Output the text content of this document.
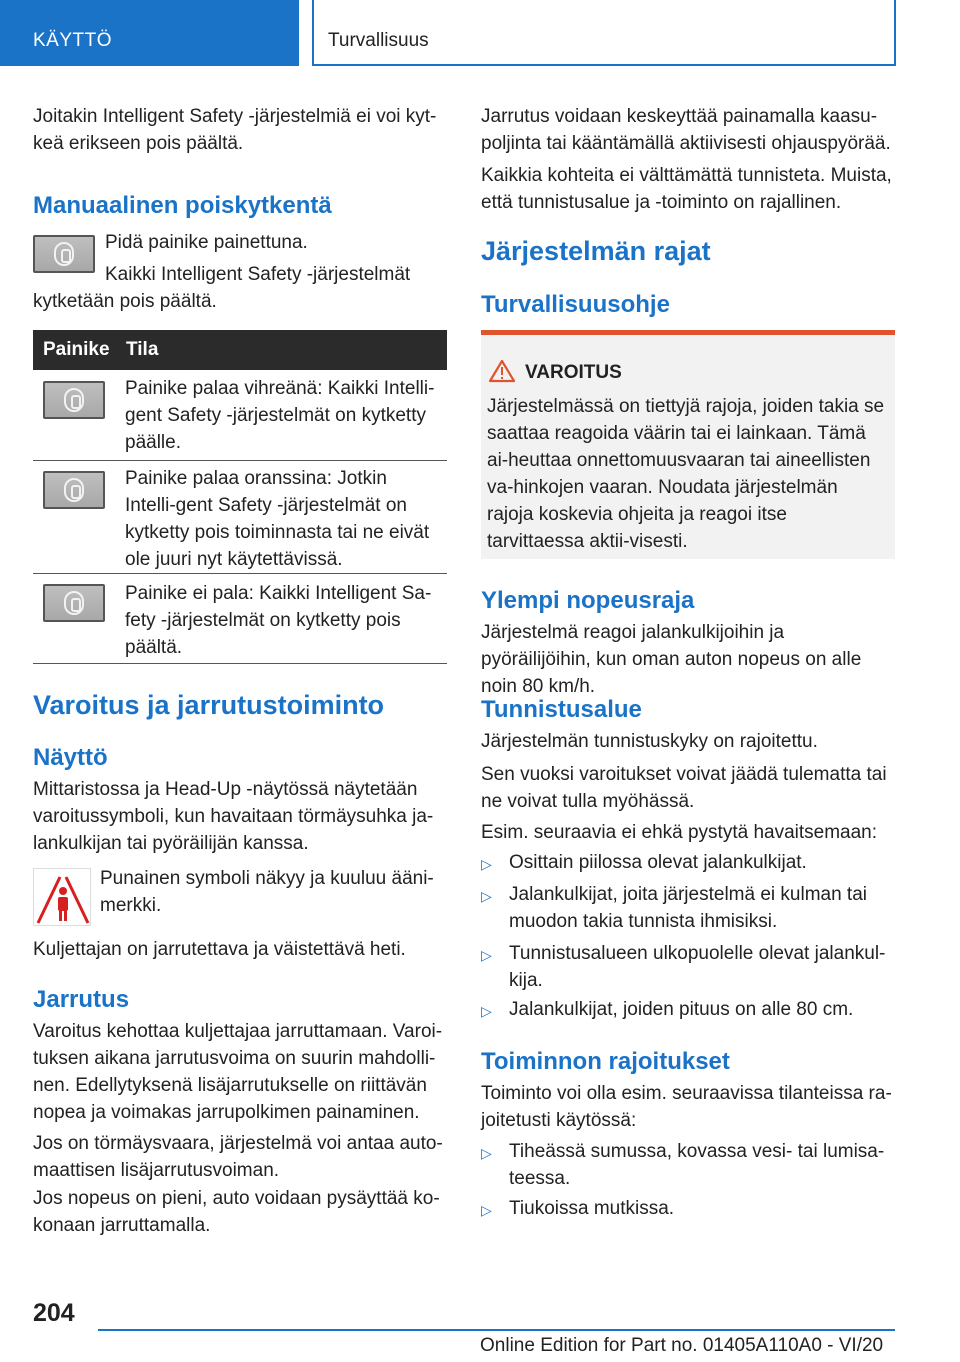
KÄYTTÖ	Turvallisuus
Joitakin Intelligent Safety -järjestelmiä ei voi kyt-keä erikseen pois päältä.
Manuaalinen poiskytkentä
Pidä painike painettuna.
Kaikki Intelligent Safety -järjestelmät
kytketään pois päältä.
Painike Tila
Painike palaa vihreänä: Kaikki Intelli-gent Safety -järjestelmät on kytketty päälle.
Painike palaa oranssina: Jotkin Intelli-gent Safety -järjestelmät on kytketty pois toiminnasta tai ne eivät ole juuri nyt käytettävissä.
Painike ei pala: Kaikki Intelligent Sa-fety -järjestelmät on kytketty pois päältä.
Varoitus ja jarrutustoiminto
Näyttö
Mittaristossa ja Head-Up -näytössä näytetään varoitussymboli, kun havaitaan törmäysuhka ja-lankulkijan tai pyöräilijän kanssa.
Punainen symboli näkyy ja kuuluu ääni-merkki.
Kuljettajan on jarrutettava ja väistettävä heti.
Jarrutus
Varoitus kehottaa kuljettajaa jarruttamaan. Varoi-tuksen aikana jarrutusvoima on suurin mahdolli-nen. Edellytyksenä lisäjarrutukselle on riittävän nopea ja voimakas jarrupolkimen painaminen.
Jos on törmäysvaara, järjestelmä voi antaa auto-maattisen lisäjarrutusvoiman.
Jos nopeus on pieni, auto voidaan pysäyttää ko-konaan jarruttamalla.
Jarrutus voidaan keskeyttää painamalla kaasu-poljinta tai kääntämällä aktiivisesti ohjauspyörää.
Kaikkia kohteita ei välttämättä tunnisteta. Muista, että tunnistusalue ja -toiminto on rajallinen.
Järjestelmän rajat
Turvallisuusohje
VAROITUS
Järjestelmässä on tiettyjä rajoja, joiden takia se saattaa reagoida väärin tai ei lainkaan. Tämä ai-heuttaa onnettomuusvaaran tai aineellisten va-hinkojen vaaran. Noudata järjestelmän rajoja koskevia ohjeita ja reagoi itse tarvittaessa aktii-visesti.
Ylempi nopeusraja
Järjestelmä reagoi jalankulkijoihin ja pyöräilijöihin, kun oman auton nopeus on alle noin 80 km/h.
Tunnistusalue
Järjestelmän tunnistuskyky on rajoitettu.
Sen vuoksi varoitukset voivat jäädä tulematta tai ne voivat tulla myöhässä.
Esim. seuraavia ei ehkä pystytä havaitsemaan:
▷ Osittain piilossa olevat jalankulkijat.
▷ Jalankulkijat, joita järjestelmä ei kulman tai muodon takia tunnista ihmisiksi.
▷ Tunnistusalueen ulkopuolelle olevat jalankul-kija.
▷ Jalankulkijat, joiden pituus on alle 80 cm.
Toiminnon rajoitukset
Toiminto voi olla esim. seuraavissa tilanteissa ra-joitetusti käytössä:
▷ Tiheässä sumussa, kovassa vesi- tai lumisa-teessa.
▷ Tiukoissa mutkissa.
204
Online Edition for Part no. 01405A110A0 - VI/20
